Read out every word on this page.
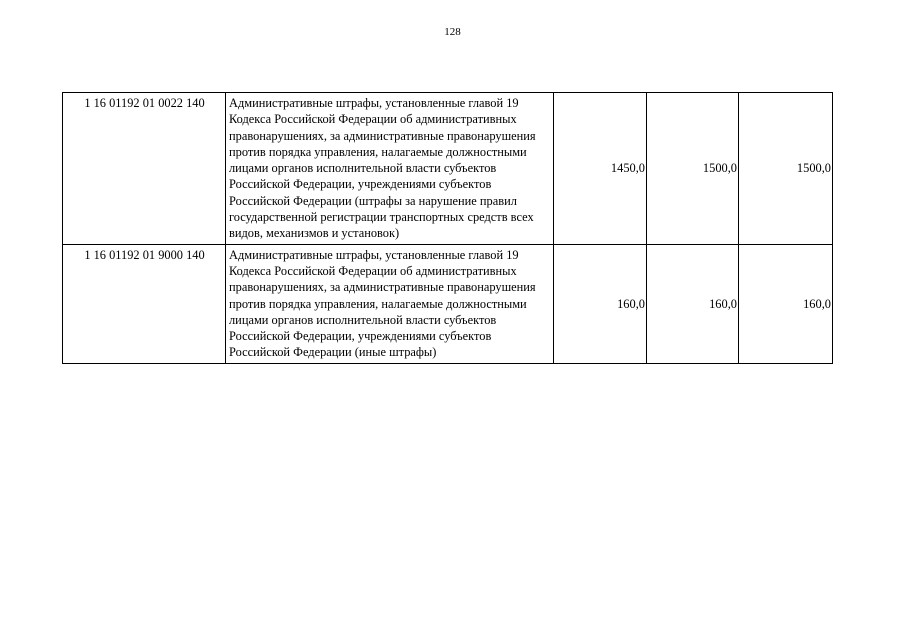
128
1 16 01192 01 0022 140	Административные штрафы, установленные главой 19 Кодекса Российской Федерации об административных правонарушениях, за административные правонарушения против порядка управления, налагаемые должностными лицами органов исполнительной власти субъектов Российской Федерации, учреждениями субъектов Российской Федерации (штрафы за нарушение правил государственной регистрации транспортных средств всех видов, механизмов и установок)	1450,0	1500,0	1500,0
1 16 01192 01 9000 140	Административные штрафы, установленные главой 19 Кодекса Российской Федерации об административных правонарушениях, за административные правонарушения против порядка управления, налагаемые должностными лицами органов исполнительной власти субъектов Российской Федерации, учреждениями субъектов Российской Федерации (иные штрафы)	160,0	160,0	160,0
